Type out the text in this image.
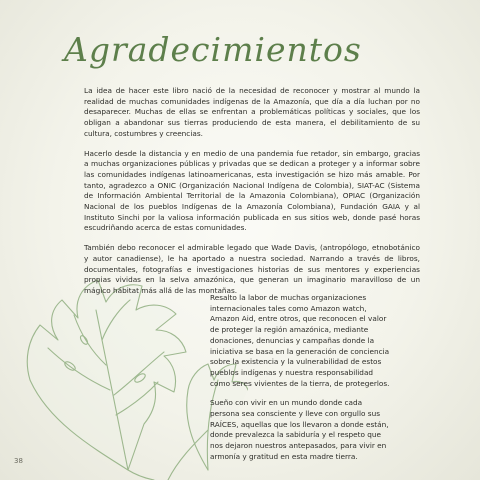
Agradecimientos

La idea de hacer este libro nació de la necesidad de reconocer y mostrar al mundo la realidad de muchas comunidades indígenas de la Amazonía, que día a día luchan por no desaparecer. Muchas de ellas se enfrentan a problemáticas políticas y sociales, que los obligan a abandonar sus tierras produciendo de esta manera, el debilitamiento de su cultura, costumbres y creencias.

Hacerlo desde la distancia y en medio de una pandemia fue retador, sin embargo, gracias a muchas organizaciones públicas y privadas que se dedican a proteger y a informar sobre las comunidades indígenas latinoamericanas, esta investigación se hizo más amable. Por tanto, agradezco a ONIC (Organización Nacional Indígena de Colombia), SIAT-AC (Sistema de Información Ambiental Territorial de la Amazonia Colombiana), OPIAC (Organización Nacional de los pueblos Indígenas de la Amazonía Colombiana), Fundación GAIA y al Instituto Sinchi por la valiosa información publicada en sus sitios web, donde pasé horas escudriñando acerca de estas comunidades.

También debo reconocer el admirable legado que Wade Davis, (antropólogo, etnobotánico y autor canadiense), le ha aportado a nuestra sociedad. Narrando a través de libros, documentales, fotografías e investigaciones historias de sus mentores y experiencias propias vividas en la selva amazónica, que generan un imaginario maravilloso de un mágico hábitat más allá de las montañas.

Resalto la labor de muchas organizaciones internacionales tales como Amazon watch, Amazon Aid, entre otros, que reconocen el valor de proteger la región amazónica, mediante donaciones, denuncias y campañas donde la iniciativa se basa en la generación de conciencia sobre la existencia y la vulnerabilidad de estos pueblos indígenas y nuestra responsabilidad como seres vivientes de la tierra, de protegerlos.

Sueño con vivir en un mundo donde cada persona sea consciente y lleve con orgullo sus RAÍCES, aquellas que los llevaron a donde están, donde prevalezca la sabiduría y el respeto que nos dejaron nuestros antepasados, para vivir en armonía y gratitud en esta madre tierra.

38
